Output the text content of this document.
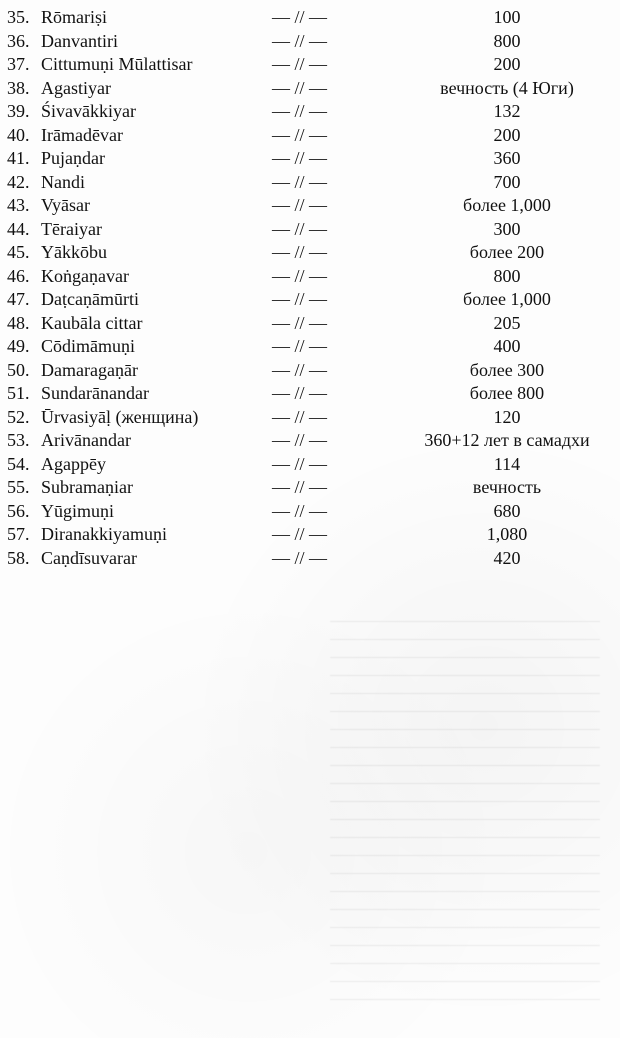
35. Rōmariṣi	— // —	100
36. Danvantiri	— // —	800
37. Cittumuṇi Mūlattisar	— // —	200
38. Agastiyar	— // —	вечность (4 Юги)
39. Śivavākkiyar	— // —	132
40. Irāmadēvar	— // —	200
41. Pujaṇdar	— // —	360
42. Nandi	— // —	700
43. Vyāsar	— // —	более 1,000
44. Tēraiyar	— // —	300
45. Yākkōbu	— // —	более 200
46. Koṅgaṇavar	— // —	800
47. Daṭcaṇāmūrti	— // —	более 1,000
48. Kaubāla cittar	— // —	205
49. Cōdimāmuṇi	— // —	400
50. Damaragaṇār	— // —	более 300
51. Sundarānandar	— // —	более 800
52. Ūrvasiyāḷ (женщина)	— // —	120
53. Arivānandar	— // —	360+12 лет в самадхи
54. Agappēy	— // —	114
55. Subramaṇiar	— // —	вечность
56. Yūgimuṇi	— // —	680
57. Diranakkiyamuṇi	— // —	1,080
58. Caṇdīsuvarar	— // —	420
